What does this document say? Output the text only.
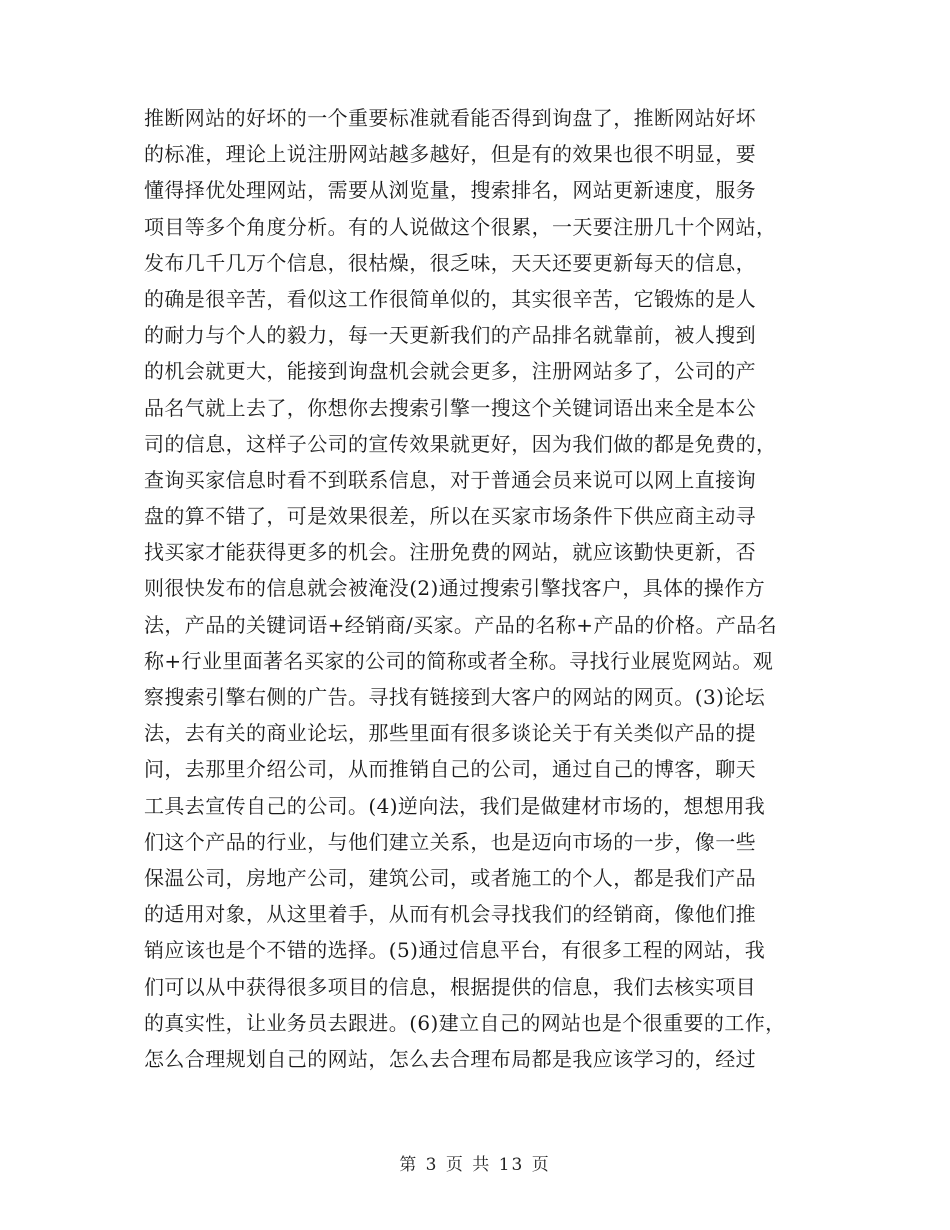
推断网站的好坏的一个重要标准就看能否得到询盘了，推断网站好坏
的标准，理论上说注册网站越多越好，但是有的效果也很不明显，要
懂得择优处理网站，需要从浏览量，搜索排名，网站更新速度，服务
项目等多个角度分析。有的人说做这个很累，一天要注册几十个网站，
发布几千几万个信息，很枯燥，很乏味，天天还要更新每天的信息，
的确是很辛苦，看似这工作很简单似的，其实很辛苦，它锻炼的是人
的耐力与个人的毅力，每一天更新我们的产品排名就靠前，被人搜到
的机会就更大，能接到询盘机会就会更多，注册网站多了，公司的产
品名气就上去了，你想你去搜索引擎一搜这个关键词语出来全是本公
司的信息，这样子公司的宣传效果就更好，因为我们做的都是免费的，
查询买家信息时看不到联系信息，对于普通会员来说可以网上直接询
盘的算不错了，可是效果很差，所以在买家市场条件下供应商主动寻
找买家才能获得更多的机会。注册免费的网站，就应该勤快更新，否
则很快发布的信息就会被淹没(2)通过搜索引擎找客户，具体的操作方
法，产品的关键词语+经销商/买家。产品的名称+产品的价格。产品名
称+行业里面著名买家的公司的简称或者全称。寻找行业展览网站。观
察搜索引擎右侧的广告。寻找有链接到大客户的网站的网页。(3)论坛
法，去有关的商业论坛，那些里面有很多谈论关于有关类似产品的提
问，去那里介绍公司，从而推销自己的公司，通过自己的博客，聊天
工具去宣传自己的公司。(4)逆向法，我们是做建材市场的，想想用我
们这个产品的行业，与他们建立关系，也是迈向市场的一步，像一些
保温公司，房地产公司，建筑公司，或者施工的个人，都是我们产品
的适用对象，从这里着手，从而有机会寻找我们的经销商，像他们推
销应该也是个不错的选择。(5)通过信息平台，有很多工程的网站，我
们可以从中获得很多项目的信息，根据提供的信息，我们去核实项目
的真实性，让业务员去跟进。(6)建立自己的网站也是个很重要的工作，
怎么合理规划自己的网站，怎么去合理布局都是我应该学习的，经过
第 3 页 共 13 页
